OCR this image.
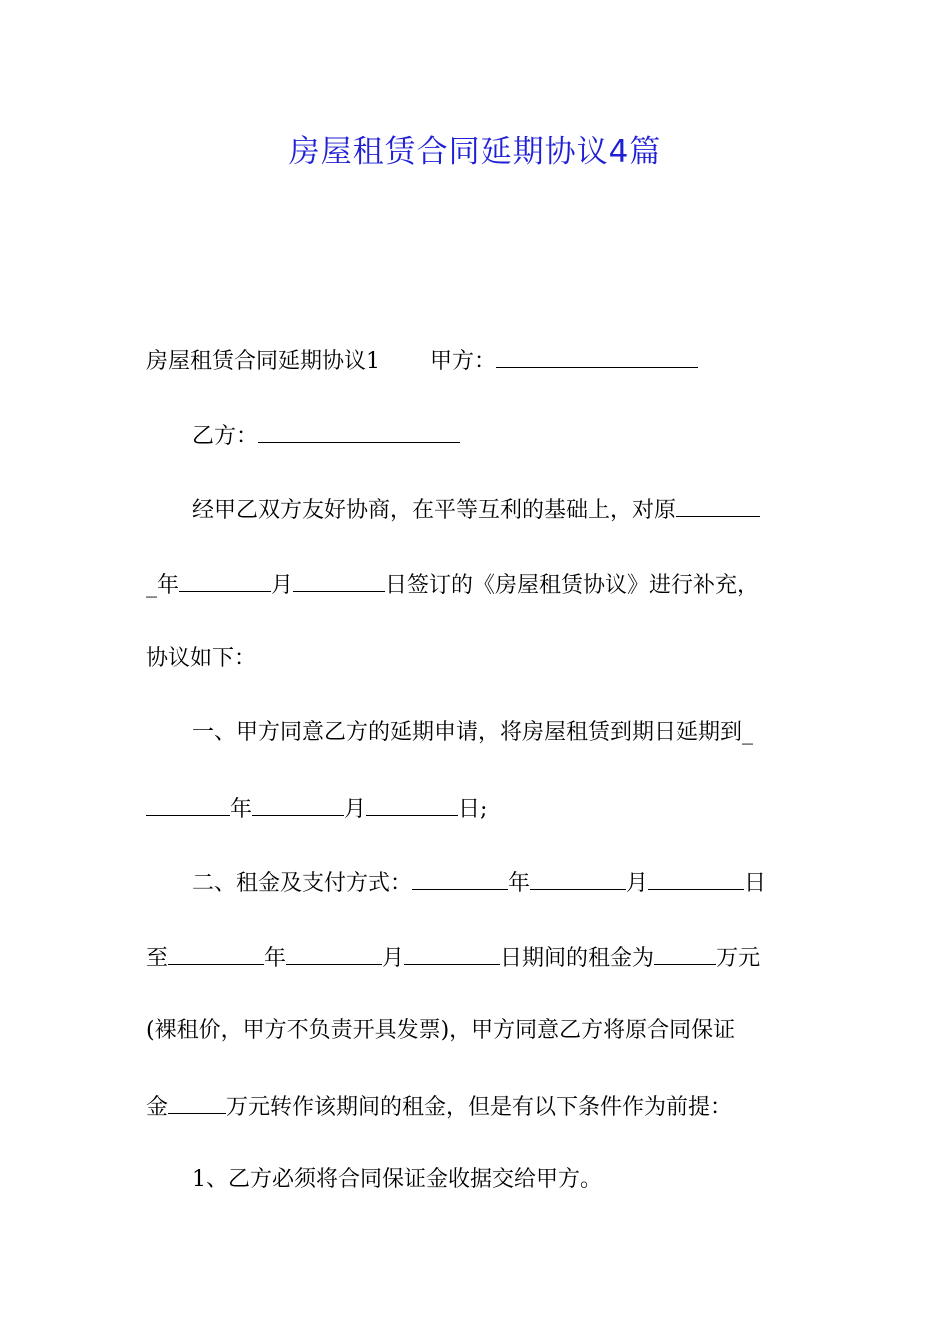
房屋租赁合同延期协议4篇
房屋租赁合同延期协议1 甲方：
乙方：
经甲乙双方友好协商，在平等互利的基础上，对原
_年	月	日签订的《房屋租赁协议》进行补充，
协议如下：
一、甲方同意乙方的延期申请，将房屋租赁到期日延期到_
年	月	日;
二、租金及支付方式：	年	月	日
至	年	月	日期间的租金为	万元
(裸租价，甲方不负责开具发票)，甲方同意乙方将原合同保证
金	万元转作该期间的租金，但是有以下条件作为前提：
1、乙方必须将合同保证金收据交给甲方。
